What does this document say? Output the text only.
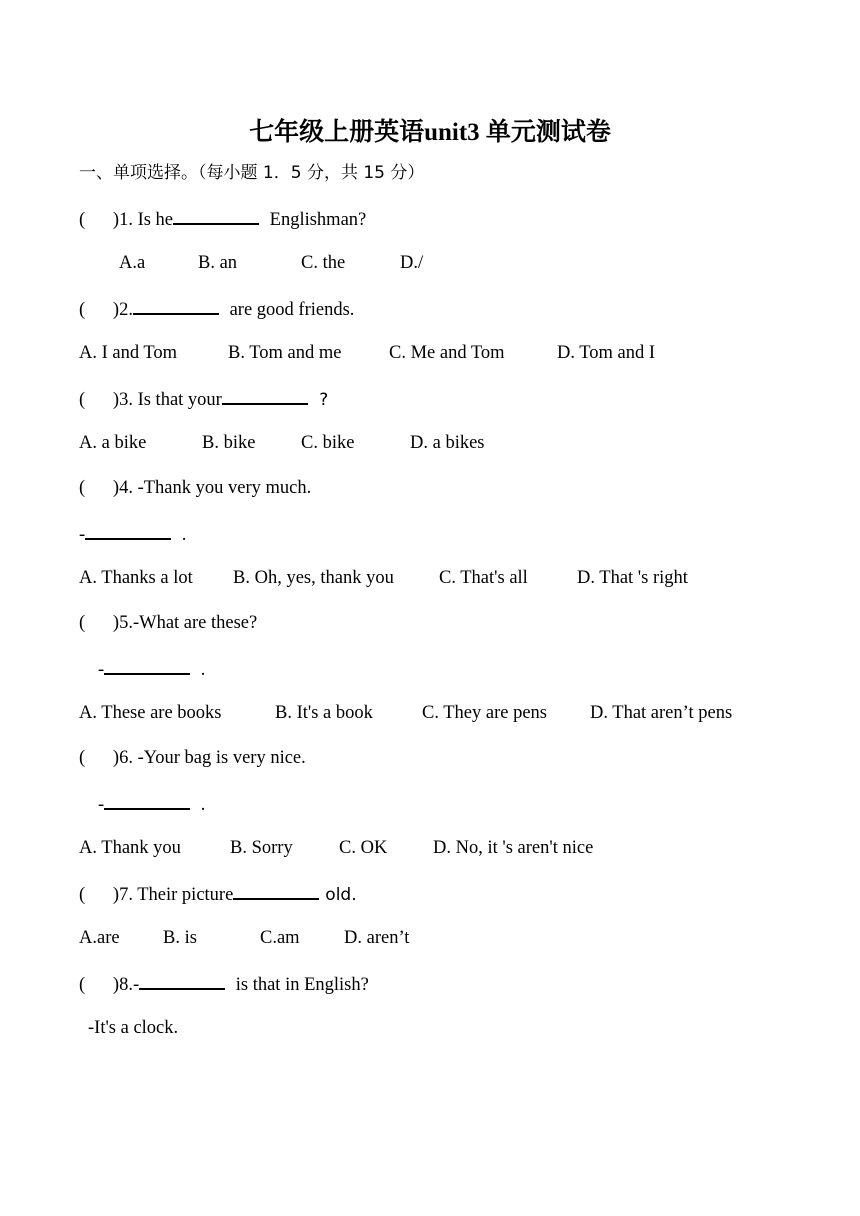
七年级上册英语unit3 单元测试卷
一、单项选择。（每小题 1．5 分，共 15 分）
(      )1. Is he	Englishman?
A.a	B. an	C. the	D./
(      )2.	are good friends.
A. I and Tom	B. Tom and me	C. Me and Tom	D. Tom and I
(      )3. Is that your	?
A. a bike	B. bike C. bike	D. a bikes
(      )4. -Thank you very much.
-	.
A. Thanks a lot B. Oh, yes, thank you C. That's all	D. That 's right
(      )5.-What are these?
-	.
A. These are books	B. It's a book	C. They are pens D. That aren’t pens
(      )6. -Your bag is very nice.
-	.
A. Thank you	B. Sorry	C. OK D. No, it 's aren't nice
(      )7. Their picture	old.
A.are B. is	C.am D. aren’t
(      )8.-	is that in English?
-It's a clock.
